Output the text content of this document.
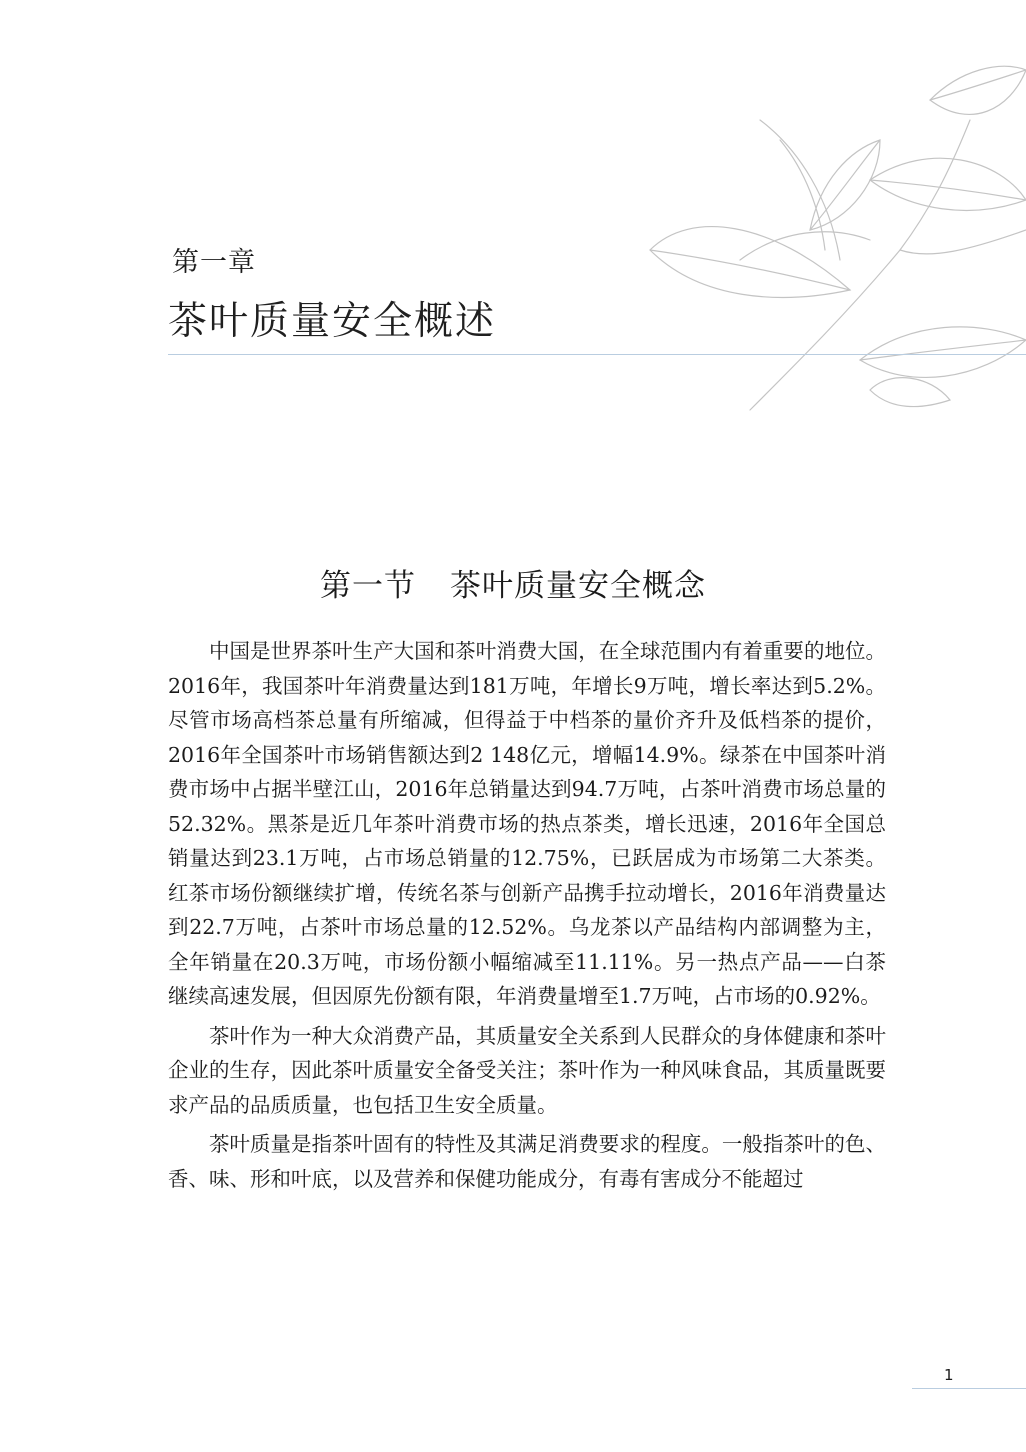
第一章
茶叶质量安全概述
第一节 茶叶质量安全概念

中国是世界茶叶生产大国和茶叶消费大国，在全球范围内有着重要的地位。2016年，我国茶叶年消费量达到181万吨，年增长9万吨，增长率达到5.2%。尽管市场高档茶总量有所缩减，但得益于中档茶的量价齐升及低档茶的提价，2016年全国茶叶市场销售额达到2 148亿元，增幅14.9%。绿茶在中国茶叶消费市场中占据半壁江山，2016年总销量达到94.7万吨，占茶叶消费市场总量的52.32%。黑茶是近几年茶叶消费市场的热点茶类，增长迅速，2016年全国总销量达到23.1万吨，占市场总销量的12.75%，已跃居成为市场第二大茶类。红茶市场份额继续扩增，传统名茶与创新产品携手拉动增长，2016年消费量达到22.7万吨，占茶叶市场总量的12.52%。乌龙茶以产品结构内部调整为主，全年销量在20.3万吨，市场份额小幅缩减至11.11%。另一热点产品——白茶继续高速发展，但因原先份额有限，年消费量增至1.7万吨，占市场的0.92%。

茶叶作为一种大众消费产品，其质量安全关系到人民群众的身体健康和茶叶企业的生存，因此茶叶质量安全备受关注；茶叶作为一种风味食品，其质量既要求产品的品质质量，也包括卫生安全质量。

茶叶质量是指茶叶固有的特性及其满足消费要求的程度。一般指茶叶的色、香、味、形和叶底，以及营养和保健功能成分，有毒有害成分不能超过

1
